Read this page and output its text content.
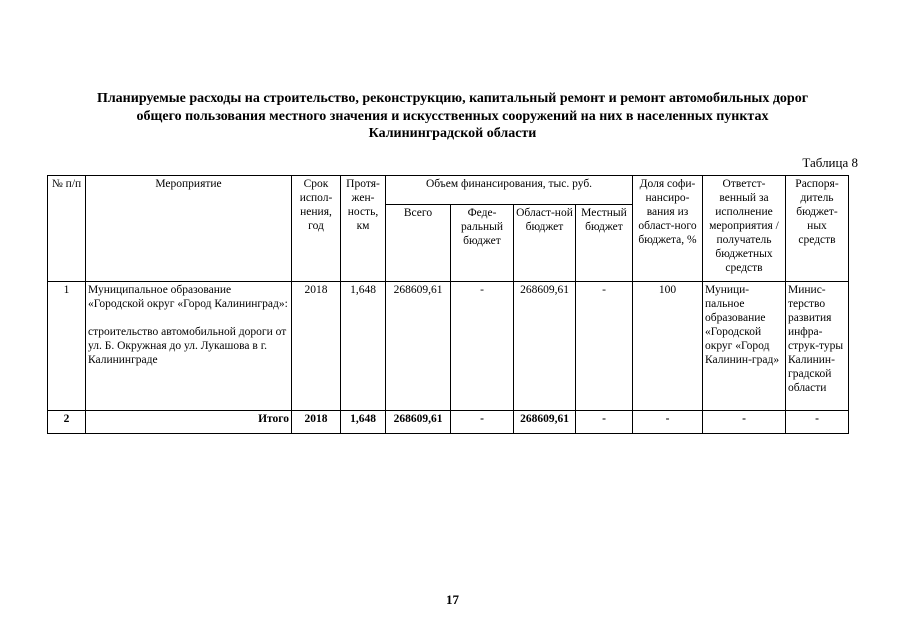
Планируемые расходы на строительство, реконструкцию, капитальный ремонт и ремонт автомобильных дорог
общего пользования местного значения и искусственных сооружений на них в населенных пунктах
Калининградской области
Таблица 8
№ п/п	Мероприятие	Срок испол-нения, год	Протя-жен-ность, км	Объем финансирования, тыс. руб.				Доля софи-нансиро-вания из област-ного бюджета, %	Ответст-венный за исполнение мероприятия / получатель бюджетных средств	Распоря-дитель бюджет-ных средств
				Всего	Феде-ральный бюджет	Област-ной бюджет	Местный бюджет			
1	Муниципальное образование «Городской округ «Город Калининград»:
строительство автомобильной дороги от ул. Б. Окружная до ул. Лукашова в г. Калининграде	2018	1,648	268609,61	-	268609,61	-	100	Муници-пальное образование «Городской округ «Город Калинин-град»	Минис-терство развития инфра-струк-туры Калинин-градской области
2	Итого	2018	1,648	268609,61	-	268609,61	-	-	-	-
17
